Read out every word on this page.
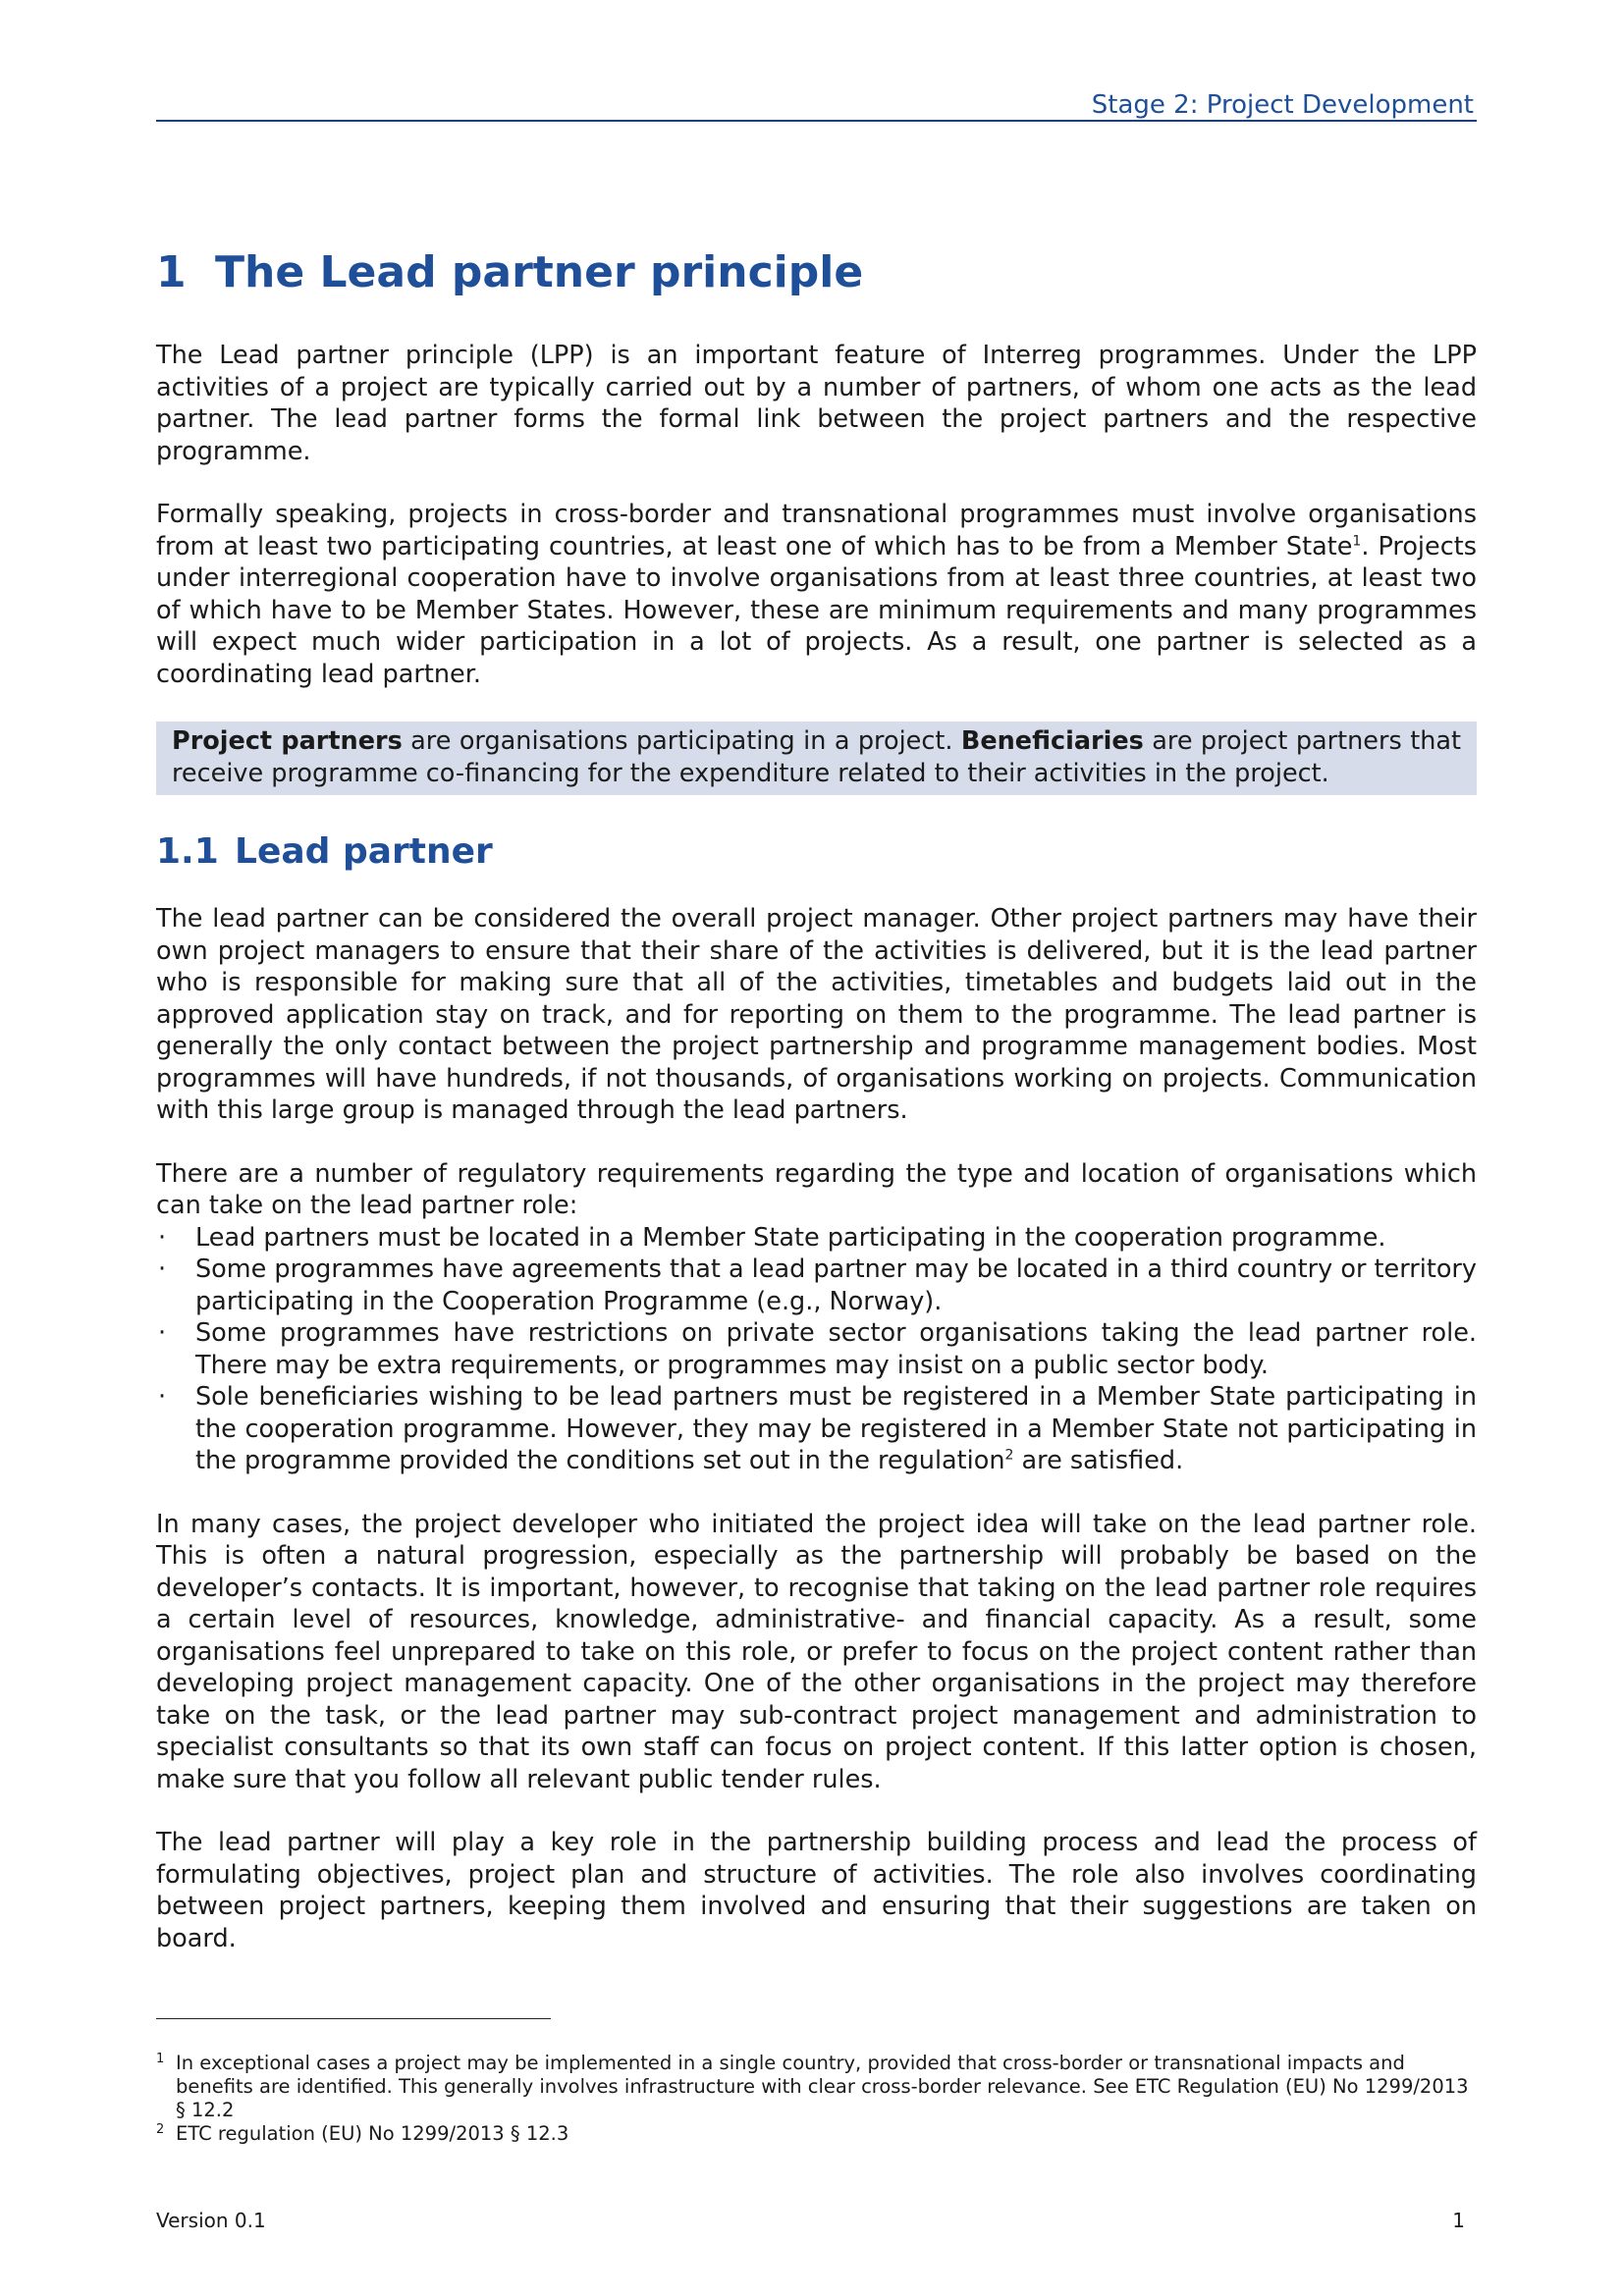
Stage 2: Project Development
1 The Lead partner principle

The Lead partner principle (LPP) is an important feature of Interreg programmes. Under the LPP activities of a project are typically carried out by a number of partners, of whom one acts as the lead partner. The lead partner forms the formal link between the project partners and the respective programme.

Formally speaking, projects in cross-border and transnational programmes must involve organisations from at least two participating countries, at least one of which has to be from a Member State$^1$. Projects under interregional cooperation have to involve organisations from at least three countries, at least two of which have to be Member States. However, these are minimum requirements and many programmes will expect much wider participation in a lot of projects. As a result, one partner is selected as a coordinating lead partner.

Project partners are organisations participating in a project. Beneficiaries are project partners that receive programme co-financing for the expenditure related to their activities in the project.
1.1 Lead partner

The lead partner can be considered the overall project manager. Other project partners may have their own project managers to ensure that their share of the activities is delivered, but it is the lead partner who is responsible for making sure that all of the activities, timetables and budgets laid out in the approved application stay on track, and for reporting on them to the programme. The lead partner is generally the only contact between the project partnership and programme management bodies. Most programmes will have hundreds, if not thousands, of organisations working on projects. Communication with this large group is managed through the lead partners.

There are a number of regulatory requirements regarding the type and location of organisations which can take on the lead partner role:

· Lead partners must be located in a Member State participating in the cooperation programme.
· Some programmes have agreements that a lead partner may be located in a third country or territory participating in the Cooperation Programme (e.g., Norway).
· Some programmes have restrictions on private sector organisations taking the lead partner role. There may be extra requirements, or programmes may insist on a public sector body.
· Sole beneficiaries wishing to be lead partners must be registered in a Member State participating in the cooperation programme. However, they may be registered in a Member State not participating in the programme provided the conditions set out in the regulation$^2$ are satisfied.

In many cases, the project developer who initiated the project idea will take on the lead partner role. This is often a natural progression, especially as the partnership will probably be based on the developer’s contacts. It is important, however, to recognise that taking on the lead partner role requires a certain level of resources, knowledge, administrative- and financial capacity. As a result, some organisations feel unprepared to take on this role, or prefer to focus on the project content rather than developing project management capacity. One of the other organisations in the project may therefore take on the task, or the lead partner may sub-contract project management and administration to specialist consultants so that its own staff can focus on project content. If this latter option is chosen, make sure that you follow all relevant public tender rules.

The lead partner will play a key role in the partnership building process and lead the process of formulating objectives, project plan and structure of activities. The role also involves coordinating between project partners, keeping them involved and ensuring that their suggestions are taken on board.

1 In exceptional cases a project may be implemented in a single country, provided that cross-border or transnational impacts and benefits are identified. This generally involves infrastructure with clear cross-border relevance. See ETC Regulation (EU) No 1299/2013 § 12.2
2 ETC regulation (EU) No 1299/2013 § 12.3
Version 0.1	1
